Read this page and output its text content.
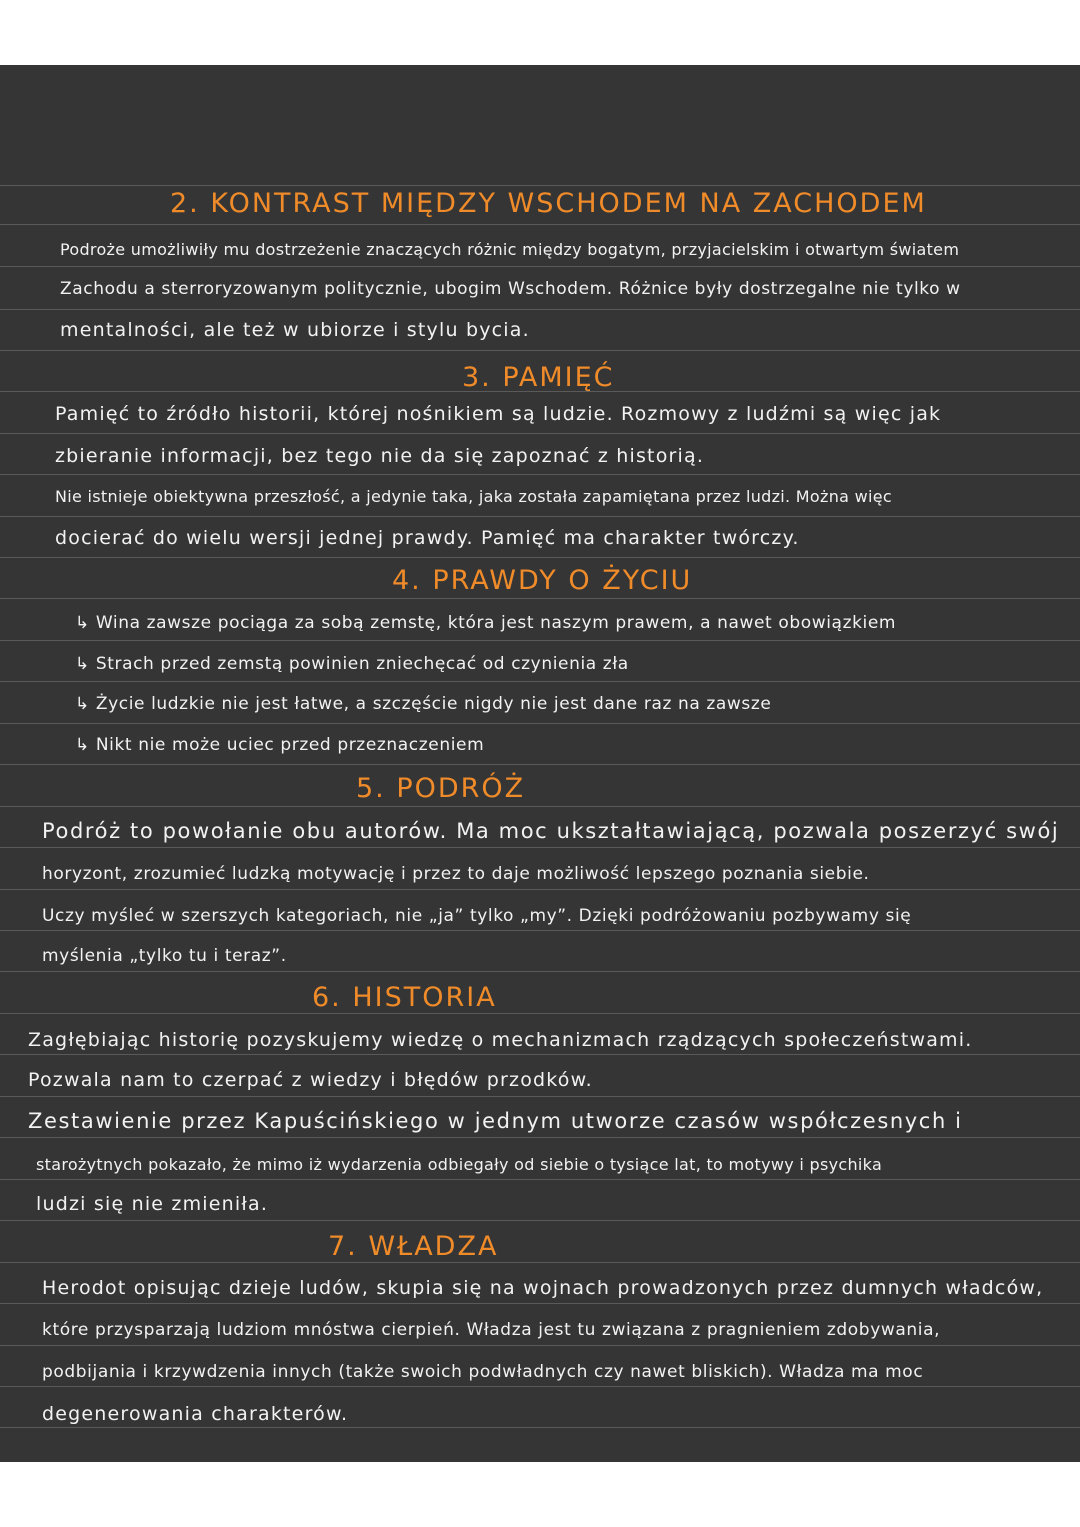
2. KONTRAST MIĘDZY WSCHODEM NA ZACHODEM
Podroże umożliwiły mu dostrzeżenie znaczących różnic między bogatym, przyjacielskim i otwartym światem
Zachodu a sterroryzowanym politycznie, ubogim Wschodem. Różnice były dostrzegalne nie tylko w
mentalności, ale też w ubiorze i stylu bycia.
3. PAMIĘĆ
Pamięć to źródło historii, której nośnikiem są ludzie. Rozmowy z ludźmi są więc jak
zbieranie informacji, bez tego nie da się zapoznać z historią.
Nie istnieje obiektywna przeszłość, a jedynie taka, jaka została zapamiętana przez ludzi. Można więc
docierać do wielu wersji jednej prawdy. Pamięć ma charakter twórczy.
4. PRAWDY O ŻYCIU
↳ Wina zawsze pociąga za sobą zemstę, która jest naszym prawem, a nawet obowiązkiem
↳ Strach przed zemstą powinien zniechęcać od czynienia zła
↳ Życie ludzkie nie jest łatwe, a szczęście nigdy nie jest dane raz na zawsze
↳ Nikt nie może uciec przed przeznaczeniem
5. PODRÓŻ
Podróż to powołanie obu autorów. Ma moc ukształtawiającą, pozwala poszerzyć swój
horyzont, zrozumieć ludzką motywację i przez to daje możliwość lepszego poznania siebie.
Uczy myśleć w szerszych kategoriach, nie „ja” tylko „my”. Dzięki podróżowaniu pozbywamy się
myślenia „tylko tu i teraz”.
6. HISTORIA
Zagłębiając historię pozyskujemy wiedzę o mechanizmach rządzących społeczeństwami.
Pozwala nam to czerpać z wiedzy i błędów przodków.
Zestawienie przez Kapuścińskiego w jednym utworze czasów współczesnych i
starożytnych pokazało, że mimo iż wydarzenia odbiegały od siebie o tysiące lat, to motywy i psychika
ludzi się nie zmieniła.
7. WŁADZA
Herodot opisując dzieje ludów, skupia się na wojnach prowadzonych przez dumnych władców,
które przysparzają ludziom mnóstwa cierpień. Władza jest tu związana z pragnieniem zdobywania,
podbijania i krzywdzenia innych (także swoich podwładnych czy nawet bliskich). Władza ma moc
degenerowania charakterów.
